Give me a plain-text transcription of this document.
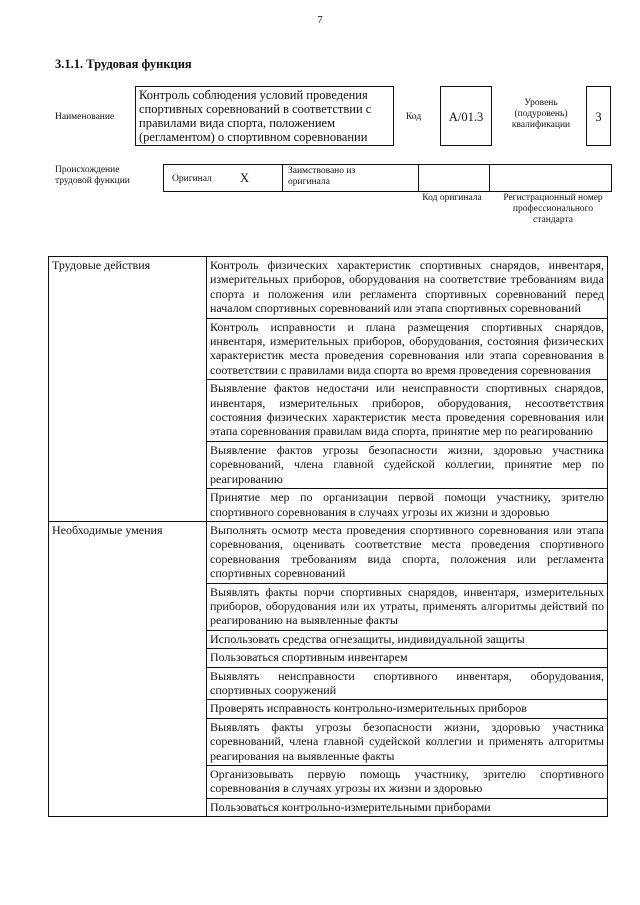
7
3.1.1. Трудовая функция
Наименование
Контроль соблюдения условий проведения спортивных соревнований в соответствии с правилами вида спорта, положением (регламентом) о спортивном соревновании
Код	A/01.3
Уровень (подуровень) квалификации
3
Происхождение трудовой функции	Оригинал X	Заимствовано из оригинала
Код оригинала	Регистрационный номер профессионального стандарта
Трудовые действия	Контроль физических характеристик спортивных снарядов, инвентаря, измерительных приборов, оборудования на соответствие требованиям вида спорта и положения или регламента спортивных соревнований перед началом спортивных соревнований или этапа спортивных соревнований
	Контроль исправности и плана размещения спортивных снарядов, инвентаря, измерительных приборов, оборудования, состояния физических характеристик места проведения соревнования или этапа соревнования в соответствии с правилами вида спорта во время проведения соревнования
	Выявление фактов недостачи или неисправности спортивных снарядов, инвентаря, измерительных приборов, оборудования, несоответствия состояния физических характеристик места проведения соревнования или этапа соревнования правилам вида спорта, принятие мер по реагированию
	Выявление фактов угрозы безопасности жизни, здоровью участника соревнований, члена главной судейской коллегии, принятие мер по реагированию
	Принятие мер по организации первой помощи участнику, зрителю спортивного соревнования в случаях угрозы их жизни и здоровью
Необходимые умения	Выполнять осмотр места проведения спортивного соревнования или этапа соревнования, оценивать соответствие места проведения спортивного соревнования требованиям вида спорта, положения или регламента спортивных соревнований
	Выявлять факты порчи спортивных снарядов, инвентаря, измерительных приборов, оборудования или их утраты, применять алгоритмы действий по реагированию на выявленные факты
	Использовать средства огнезащиты, индивидуальной защиты
	Пользоваться спортивным инвентарем
	Выявлять неисправности спортивного инвентаря, оборудования, спортивных сооружений
	Проверять исправность контрольно-измерительных приборов
	Выявлять факты угрозы безопасности жизни, здоровью участника соревнований, члена главной судейской коллегии и применять алгоритмы реагирования на выявленные факты
	Организовывать первую помощь участнику, зрителю спортивного соревнования в случаях угрозы их жизни и здоровью
	Пользоваться контрольно-измерительными приборами
